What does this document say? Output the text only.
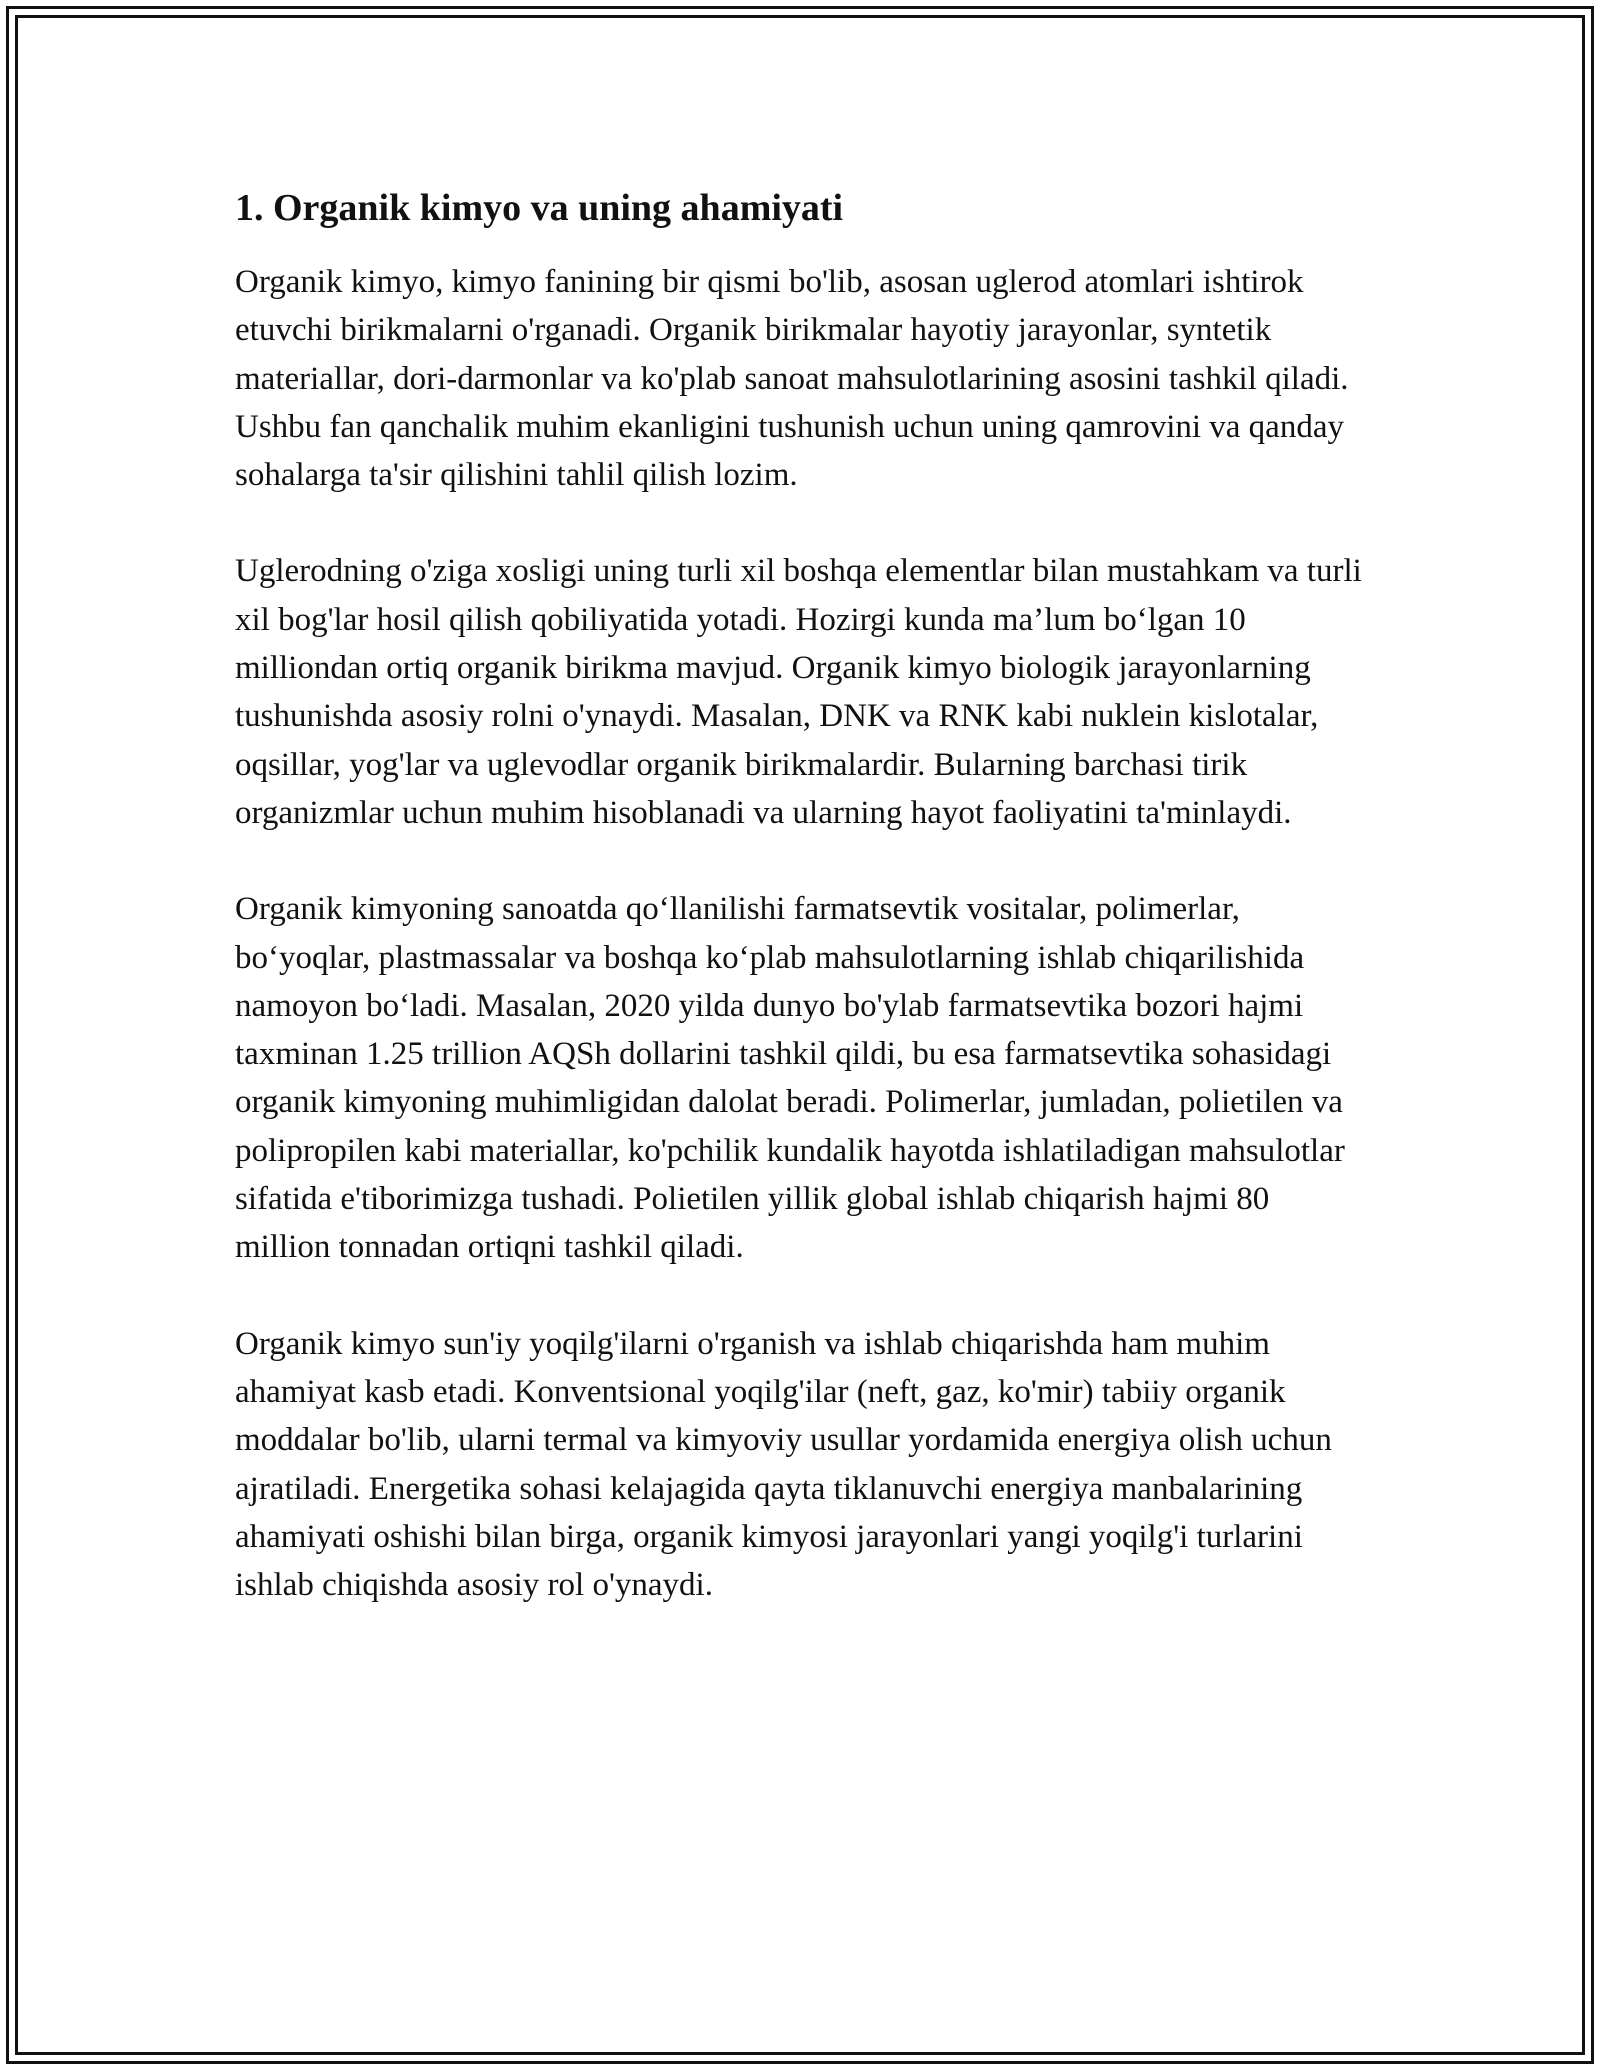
1. Organik kimyo va uning ahamiyati

Organik kimyo, kimyo fanining bir qismi bo'lib, asosan uglerod atomlari ishtirok etuvchi birikmalarni o'rganadi. Organik birikmalar hayotiy jarayonlar, syntetik materiallar, dori-darmonlar va ko'plab sanoat mahsulotlarining asosini tashkil qiladi. Ushbu fan qanchalik muhim ekanligini tushunish uchun uning qamrovini va qanday sohalarga ta'sir qilishini tahlil qilish lozim.

Uglerodning o'ziga xosligi uning turli xil boshqa elementlar bilan mustahkam va turli xil bog'lar hosil qilish qobiliyatida yotadi. Hozirgi kunda ma’lum bo‘lgan 10 milliondan ortiq organik birikma mavjud. Organik kimyo biologik jarayonlarning tushunishda asosiy rolni o'ynaydi. Masalan, DNK va RNK kabi nuklein kislotalar, oqsillar, yog'lar va uglevodlar organik birikmalardir. Bularning barchasi tirik organizmlar uchun muhim hisoblanadi va ularning hayot faoliyatini ta'minlaydi.

Organik kimyoning sanoatda qo‘llanilishi farmatsevtik vositalar, polimerlar, bo‘yoqlar, plastmassalar va boshqa ko‘plab mahsulotlarning ishlab chiqarilishida namoyon bo‘ladi. Masalan, 2020 yilda dunyo bo'ylab farmatsevtika bozori hajmi taxminan 1.25 trillion AQSh dollarini tashkil qildi, bu esa farmatsevtika sohasidagi organik kimyoning muhimligidan dalolat beradi. Polimerlar, jumladan, polietilen va polipropilen kabi materiallar, ko'pchilik kundalik hayotda ishlatiladigan mahsulotlar sifatida e'tiborimizga tushadi. Polietilen yillik global ishlab chiqarish hajmi 80 million tonnadan ortiqni tashkil qiladi.

Organik kimyo sun'iy yoqilg'ilarni o'rganish va ishlab chiqarishda ham muhim ahamiyat kasb etadi. Konventsional yoqilg'ilar (neft, gaz, ko'mir) tabiiy organik moddalar bo'lib, ularni termal va kimyoviy usullar yordamida energiya olish uchun ajratiladi. Energetika sohasi kelajagida qayta tiklanuvchi energiya manbalarining ahamiyati oshishi bilan birga, organik kimyosi jarayonlari yangi yoqilg'i turlarini ishlab chiqishda asosiy rol o'ynaydi.
